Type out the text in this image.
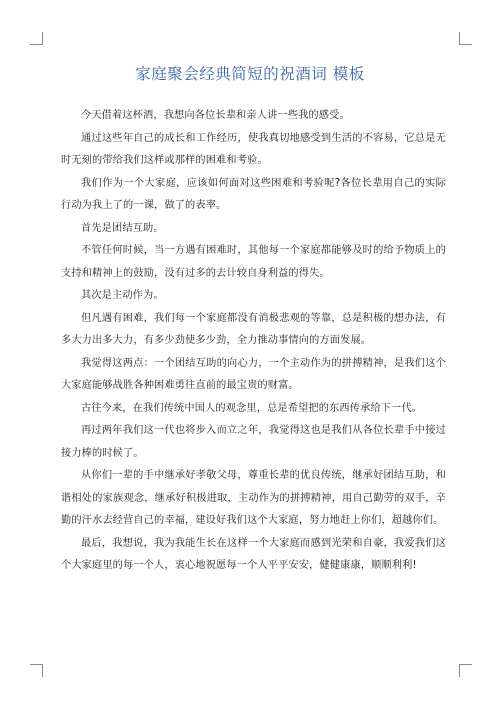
家庭聚会经典简短的祝酒词 模板

今天借着这杯酒，我想向各位长辈和亲人讲一些我的感受。

通过这些年自己的成长和工作经历，使我真切地感受到生活的不容易，它总是无时无刻的带给我们这样或那样的困难和考验。

我们作为一个大家庭，应该如何面对这些困难和考验呢?各位长辈用自己的实际行动为我上了的一课，做了的表率。

首先是团结互助。

不管任何时候，当一方遇有困难时，其他每一个家庭都能够及时的给予物质上的支持和精神上的鼓励，没有过多的去计较自身利益的得失。

其次是主动作为。

但凡遇有困难，我们每一个家庭都没有消极悲观的等靠，总是积极的想办法，有多大力出多大力，有多少劲使多少劲，全力推动事情向的方面发展。

我觉得这两点：一个团结互助的向心力，一个主动作为的拼搏精神，是我们这个大家庭能够战胜各种困难勇往直前的最宝贵的财富。

古往今来，在我们传统中国人的观念里，总是希望把的东西传承给下一代。

再过两年我们这一代也将步入而立之年，我觉得这也是我们从各位长辈手中接过接力棒的时候了。

从你们一辈的手中继承好孝敬父母，尊重长辈的优良传统，继承好团结互助，和谐相处的家族观念，继承好积极进取，主动作为的拼搏精神，用自己勤劳的双手，辛勤的汗水去经营自己的幸福，建设好我们这个大家庭，努力地赶上你们，超越你们。

最后，我想说，我为我能生长在这样一个大家庭而感到光荣和自豪，我爱我们这个大家庭里的每一个人，衷心地祝愿每一个人平平安安，健健康康，顺顺利利!
